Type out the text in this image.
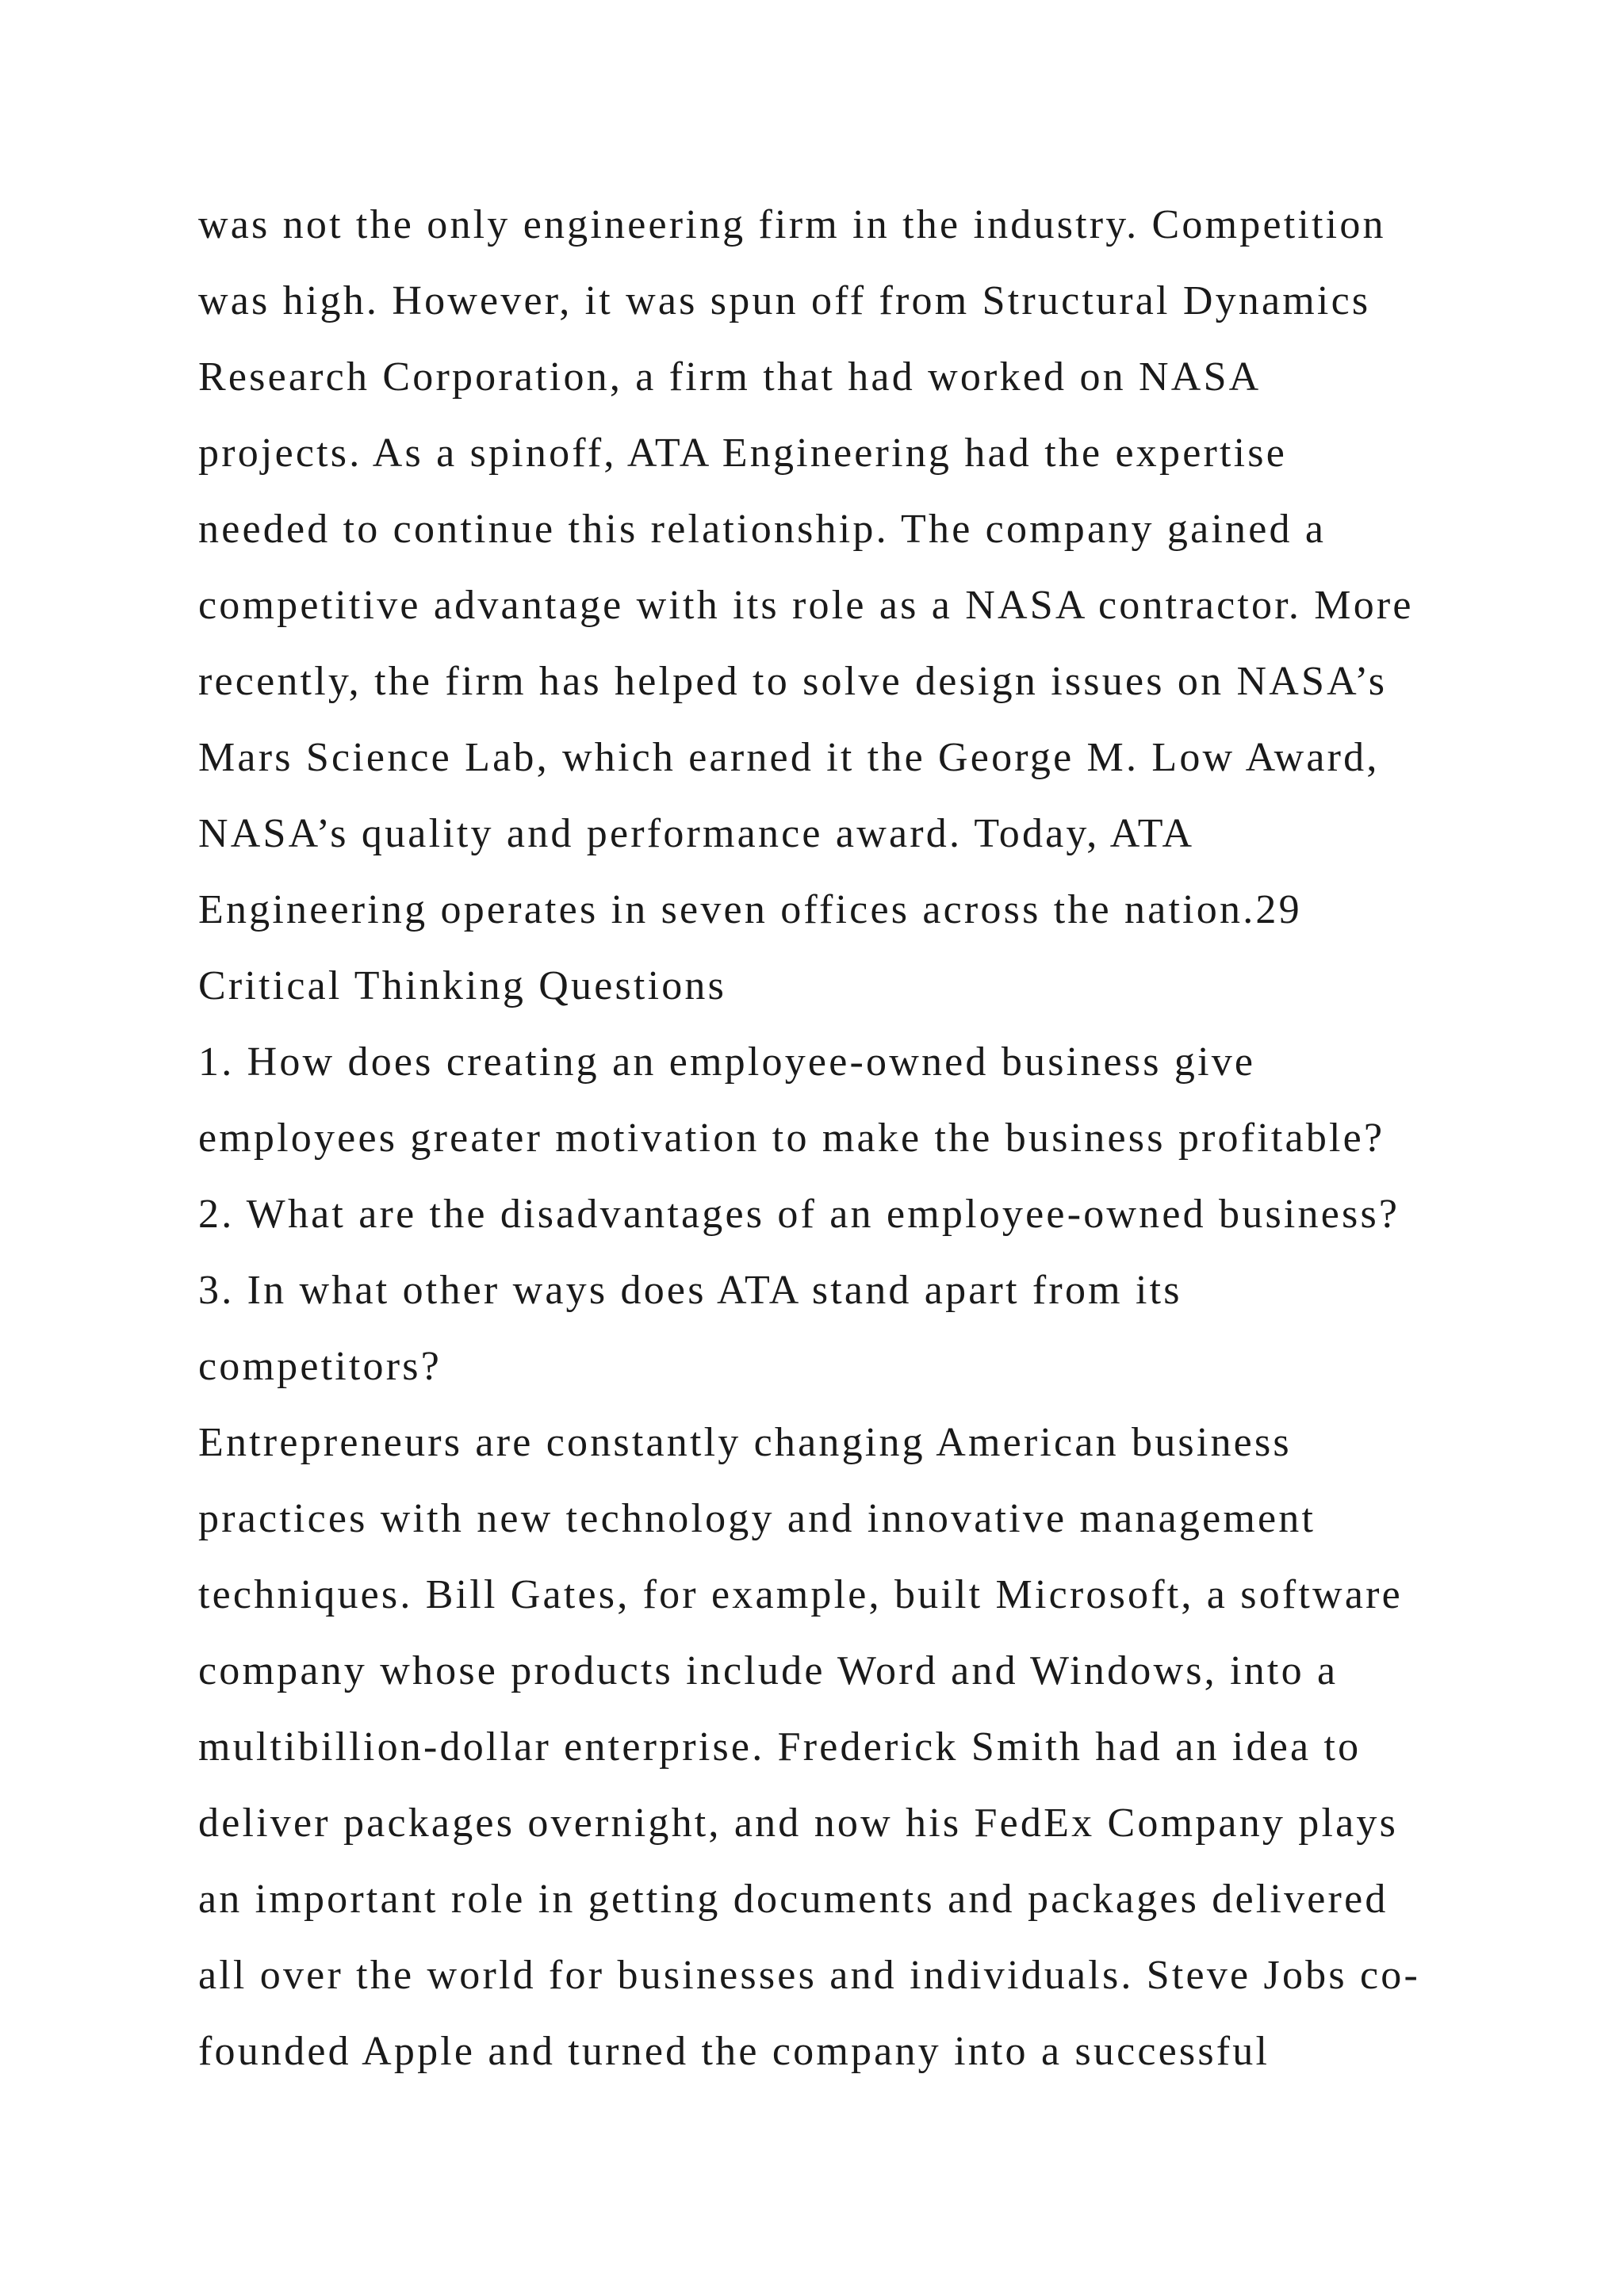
was not the only engineering firm in the industry. Competition
was high. However, it was spun off from Structural Dynamics
Research Corporation, a firm that had worked on NASA
projects. As a spinoff, ATA Engineering had the expertise
needed to continue this relationship. The company gained a
competitive advantage with its role as a NASA contractor. More
recently, the firm has helped to solve design issues on NASA’s
Mars Science Lab, which earned it the George M. Low Award,
NASA’s quality and performance award. Today, ATA
Engineering operates in seven offices across the nation.29
Critical Thinking Questions
1. How does creating an employee-owned business give
employees greater motivation to make the business profitable?
2. What are the disadvantages of an employee-owned business?
3. In what other ways does ATA stand apart from its
competitors?
Entrepreneurs are constantly changing American business
practices with new technology and innovative management
techniques. Bill Gates, for example, built Microsoft, a software
company whose products include Word and Windows, into a
multibillion-dollar enterprise. Frederick Smith had an idea to
deliver packages overnight, and now his FedEx Company plays
an important role in getting documents and packages delivered
all over the world for businesses and individuals. Steve Jobs co-
founded Apple and turned the company into a successful
